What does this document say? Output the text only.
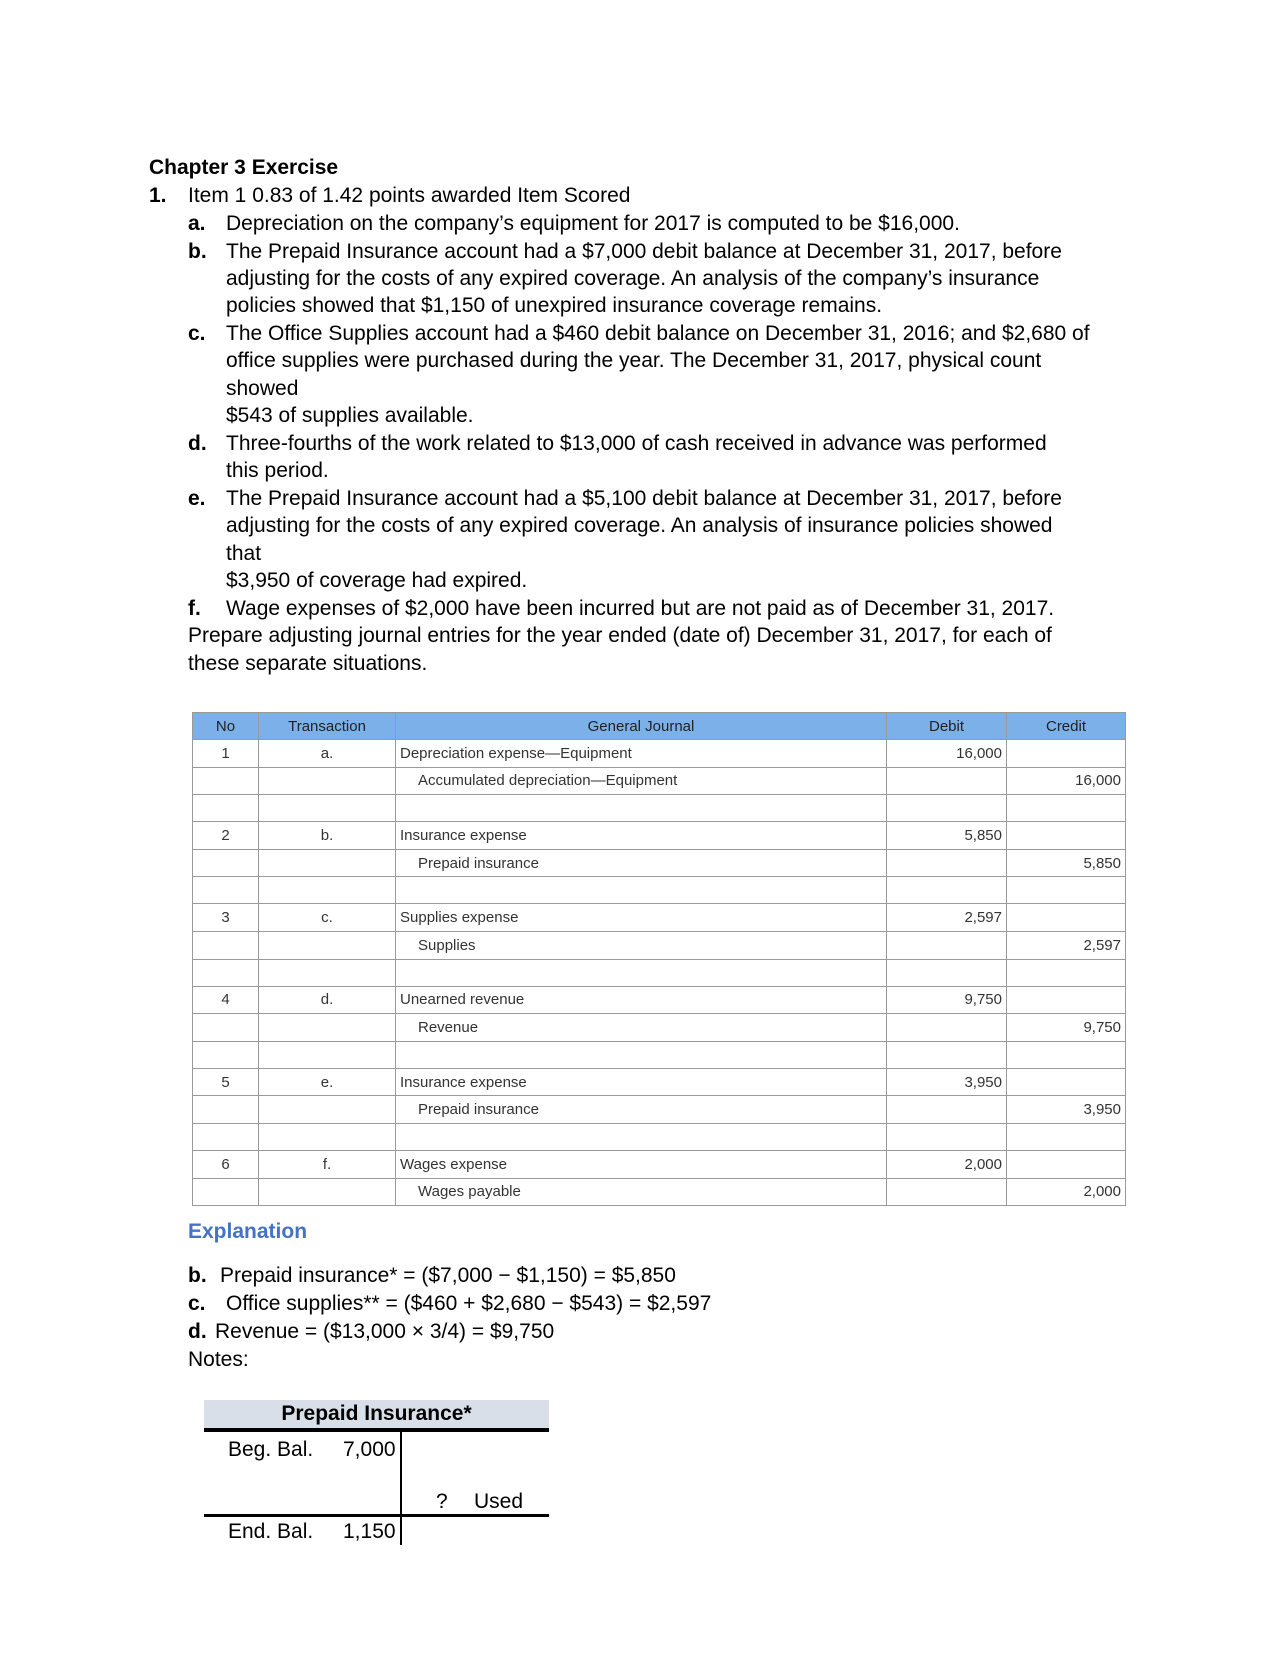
Chapter 3 Exercise
1. Item 1 0.83 of 1.42 points awarded Item Scored
a. Depreciation on the company’s equipment for 2017 is computed to be $16,000.
b. The Prepaid Insurance account had a $7,000 debit balance at December 31, 2017, before
adjusting for the costs of any expired coverage. An analysis of the company’s insurance
policies showed that $1,150 of unexpired insurance coverage remains.
c. The Office Supplies account had a $460 debit balance on December 31, 2016; and $2,680 of
office supplies were purchased during the year. The December 31, 2017, physical count
showed
$543 of supplies available.
d. Three-fourths of the work related to $13,000 of cash received in advance was performed
this period.
e. The Prepaid Insurance account had a $5,100 debit balance at December 31, 2017, before
adjusting for the costs of any expired coverage. An analysis of insurance policies showed
that
$3,950 of coverage had expired.
f. Wage expenses of $2,000 have been incurred but are not paid as of December 31, 2017.
Prepare adjusting journal entries for the year ended (date of) December 31, 2017, for each of
these separate situations.
No	Transaction	General Journal	Debit	Credit
1	a.	Depreciation expense—Equipment	16,000	
		Accumulated depreciation—Equipment		16,000

2	b.	Insurance expense	5,850	
		Prepaid insurance		5,850

3	c.	Supplies expense	2,597	
		Supplies		2,597

4	d.	Unearned revenue	9,750	
		Revenue		9,750

5	e.	Insurance expense	3,950	
		Prepaid insurance		3,950

6	f.	Wages expense	2,000	
		Wages payable		2,000
Explanation
b. Prepaid insurance* = ($7,000 − $1,150) = $5,850
c. Office supplies** = ($460 + $2,680 − $543) = $2,597
d. Revenue = ($13,000 × 3/4) = $9,750
Notes:
Prepaid Insurance*
Beg. Bal. 7,000
? Used
End. Bal. 1,150
